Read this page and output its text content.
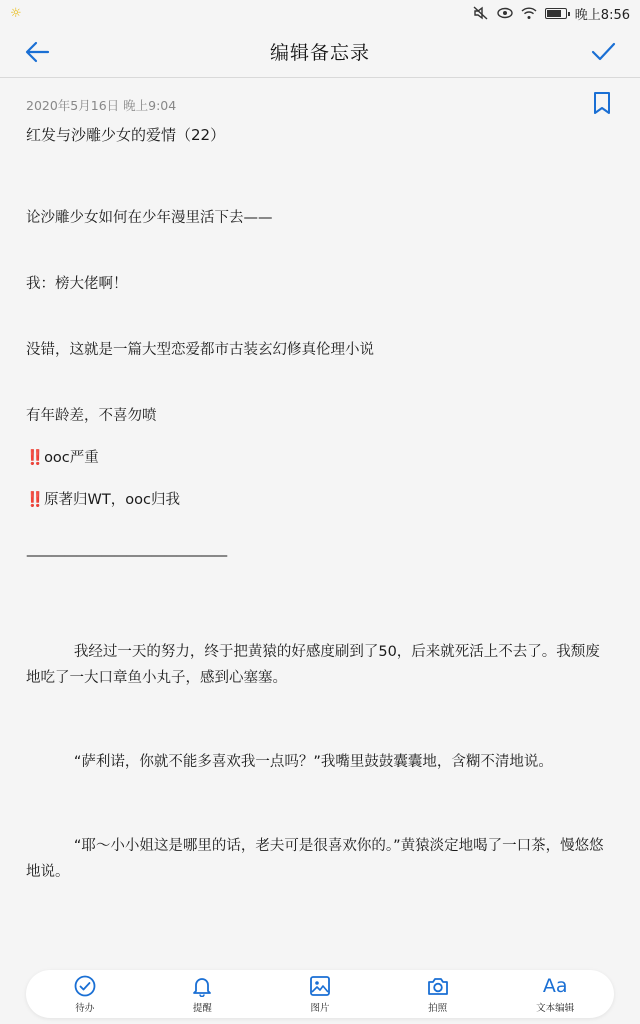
☼	晚上8:56
编辑备忘录
2020年5月16日 晚上9:04
红发与沙雕少女的爱情（22）
论沙雕少女如何在少年漫里活下去——
我：榜大佬啊！
没错，这就是一篇大型恋爱都市古装玄幻修真伦理小说
有年龄差，不喜勿喷
‼️ooc严重
‼️原著归WT，ooc归我
————————————————
我经过一天的努力，终于把黄猿的好感度刷到了50，后来就死活上不去了。我颓废地吃了一大口章鱼小丸子，感到心塞塞。
“萨利诺，你就不能多喜欢我一点吗？”我嘴里鼓鼓囊囊地，含糊不清地说。
“耶～小小姐这是哪里的话，老夫可是很喜欢你的。”黄猿淡定地喝了一口茶，慢悠悠地说。
待办	提醒	图片	拍照
Aa
文本编辑
